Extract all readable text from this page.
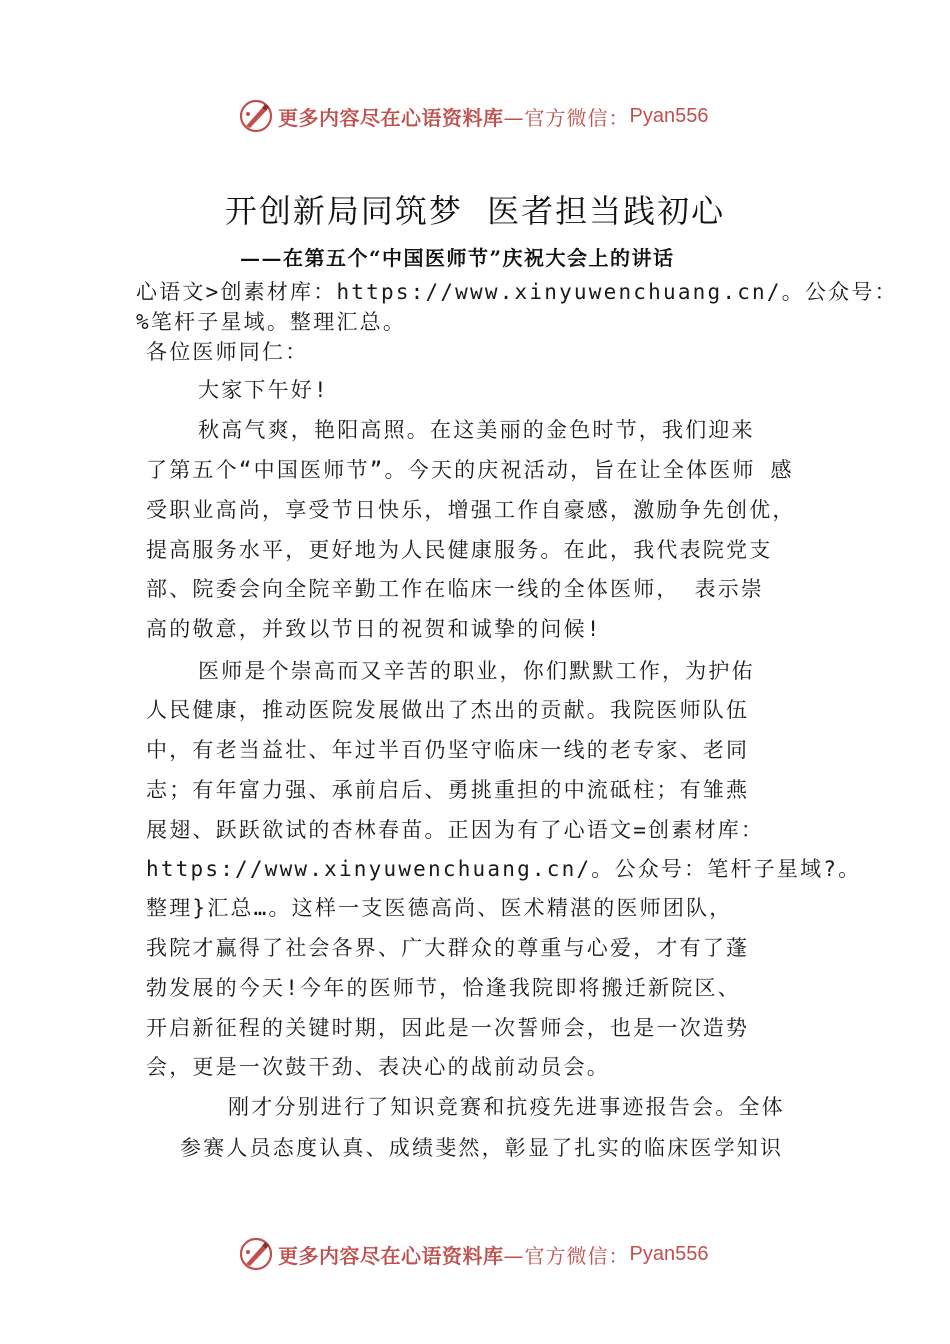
更多内容尽在心语资料库 —官方微信： Pyan556
开创新局同筑梦  医者担当践初心
——在第五个“中国医师节”庆祝大会上的讲话
心语文>创素材库：https://www.xinyuwenchuang.cn/。公众号：
%笔杆子星域。整理汇总。
各位医师同仁：
大家下午好!
秋高气爽，艳阳高照。在这美丽的金色时节，我们迎来
了第五个“中国医师节”。今天的庆祝活动，旨在让全体医师 感
受职业高尚，享受节日快乐，增强工作自豪感，激励争先创优，
提高服务水平，更好地为人民健康服务。在此，我代表院党支
部、院委会向全院辛勤工作在临床一线的全体医师， 表示崇
高的敬意，并致以节日的祝贺和诚挚的问候!
医师是个崇高而又辛苦的职业，你们默默工作，为护佑
人民健康，推动医院发展做出了杰出的贡献。我院医师队伍
中，有老当益壮、年过半百仍坚守临床一线的老专家、老同
志；有年富力强、承前启后、勇挑重担的中流砥柱；有雏燕
展翅、跃跃欲试的杏林春苗。正因为有了心语文=创素材库：
https://www.xinyuwenchuang.cn/。公众号：笔杆子星域?。
整理}汇总…。这样一支医德高尚、医术精湛的医师团队，
我院才赢得了社会各界、广大群众的尊重与心爱，才有了蓬
勃发展的今天!今年的医师节，恰逢我院即将搬迁新院区、
开启新征程的关键时期，因此是一次誓师会，也是一次造势
会，更是一次鼓干劲、表决心的战前动员会。
刚才分别进行了知识竞赛和抗疫先进事迹报告会。全体
参赛人员态度认真、成绩斐然，彰显了扎实的临床医学知识
更多内容尽在心语资料库 —官方微信： Pyan556
